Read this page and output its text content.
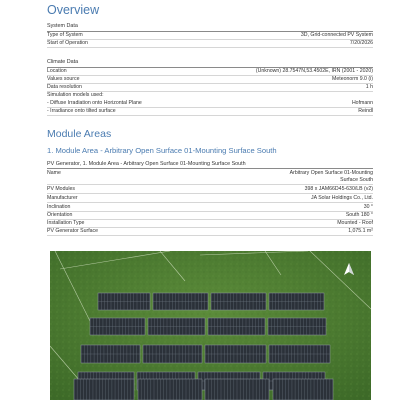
Overview
System Data
Type of System	3D, Grid-connected PV System
Start of Operation	7/20/2026
Climate Data
Location	(Unknown) 28.7547N,53.4502E, IRN (2001 - 2020)
Values source	Meteonorm 9.0 (i)
Data resolution	1 h
Simulation models used:
- Diffuse Irradiation onto Horizontal Plane	Hofmann
- Irradiance onto tilted surface	Reindl
Module Areas
1. Module Area - Arbitrary Open Surface 01-Mounting Surface South
PV Generator, 1. Module Area - Arbitrary Open Surface 01-Mounting Surface South
Name	Arbitrary Open Surface 01-Mounting
Surface South
PV Modules	398 x JAM66D45-630/LB (v2)
Manufacturer	JA Solar Holdings Co., Ltd.
Inclination	30 °
Orientation	South 180 °
Installation Type	Mounted - Roof
PV Generator Surface	1,075.1 m²
